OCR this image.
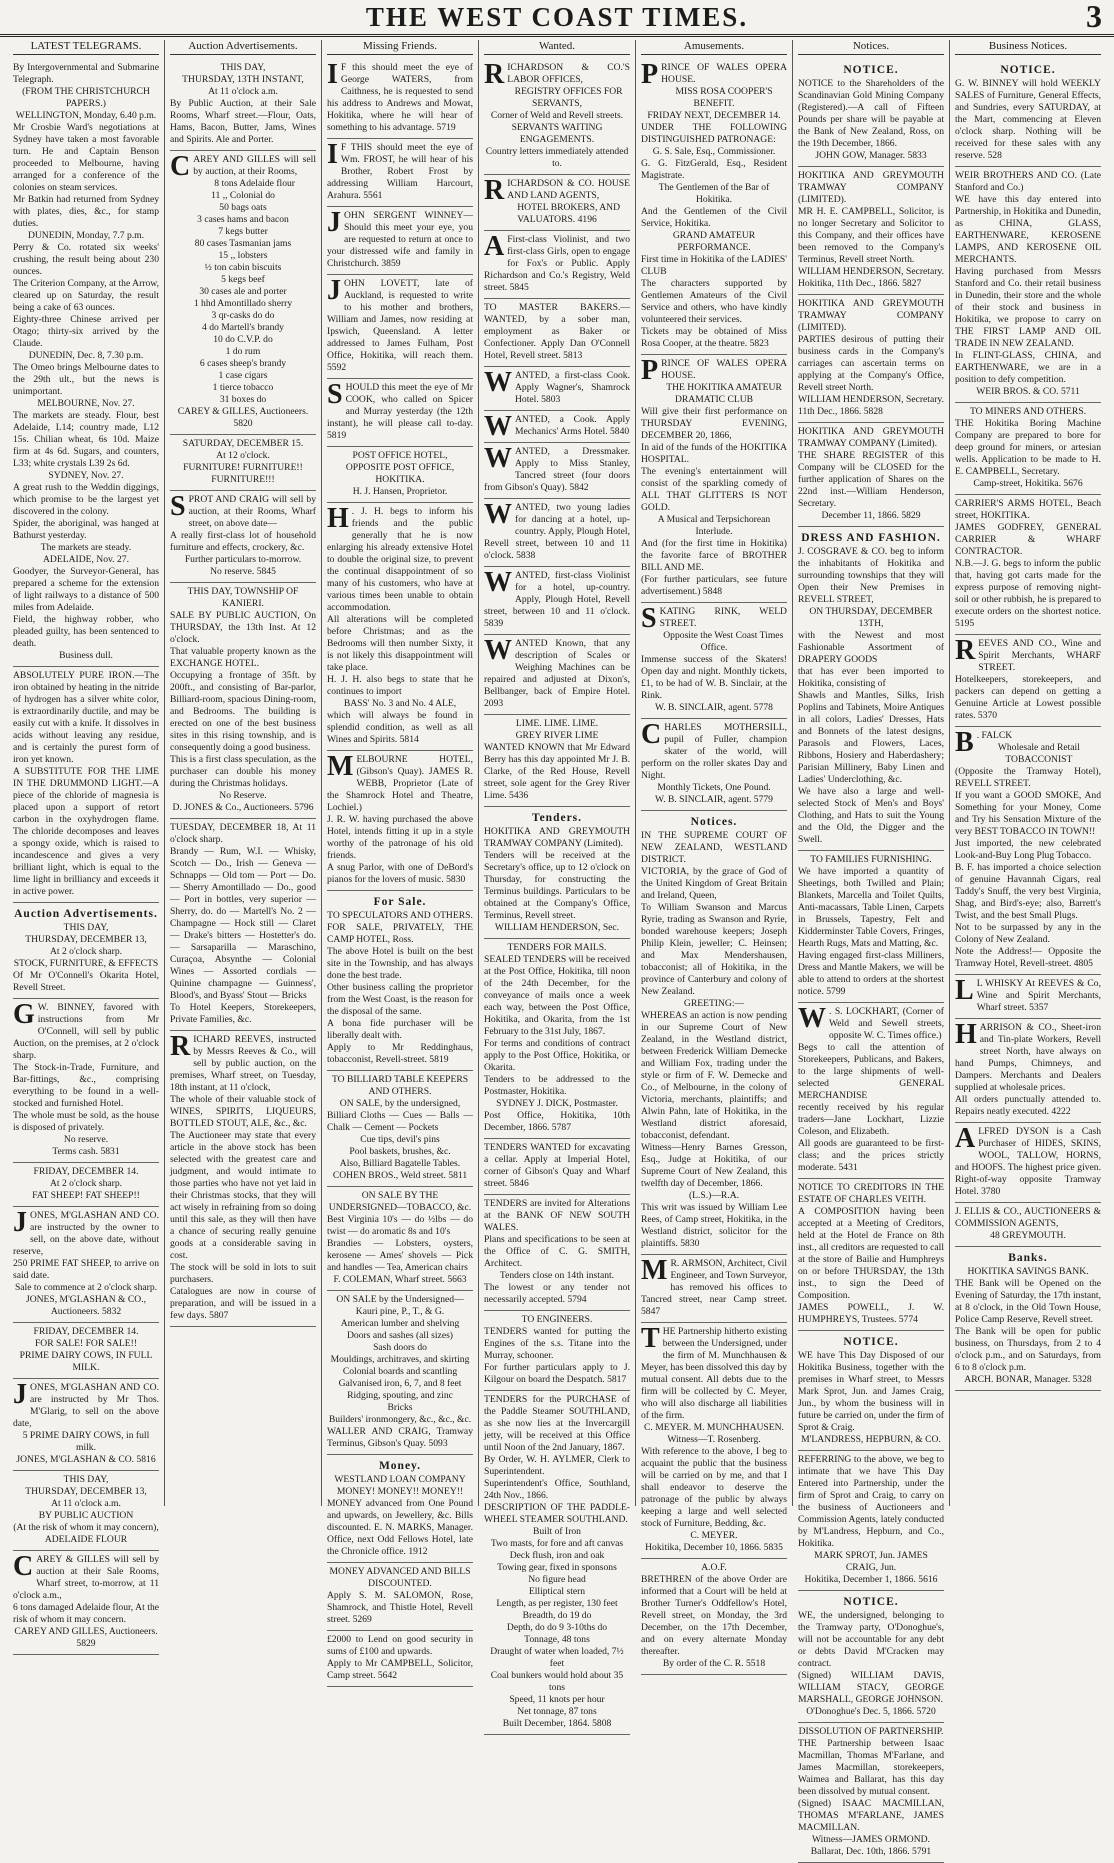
THE WEST COAST TIMES.	3
LATEST TELEGRAMS.

By Intergovernmental and Submarine Telegraph.

(FROM THE CHRISTCHURCH PAPERS.)

WELLINGTON, Monday, 6.40 p.m.

Mr Crosbie Ward's negotiations at Sydney have taken a most favorable turn. He and Captain Benson proceeded to Melbourne, having arranged for a conference of the colonies on steam services.

Mr Batkin had returned from Sydney with plates, dies, &c., for stamp duties.

DUNEDIN, Monday, 7.7 p.m.

Perry & Co. rotated six weeks' crushing, the result being about 230 ounces.

The Criterion Company, at the Arrow, cleared up on Saturday, the result being a cake of 63 ounces.

Eighty-three Chinese arrived per Otago; thirty-six arrived by the Claude.

DUNEDIN, Dec. 8, 7.30 p.m.

The Omeo brings Melbourne dates to the 29th ult., but the news is unimportant.

MELBOURNE, Nov. 27.

The markets are steady. Flour, best Adelaide, L14; country made, L12 15s. Chilian wheat, 6s 10d. Maize firm at 4s 6d. Sugars, and counters, L33; white crystals L39 2s 6d.

SYDNEY, Nov. 27.

A great rush to the Weddin diggings, which promise to be the largest yet discovered in the colony.

Spider, the aboriginal, was hanged at Bathurst yesterday.

The markets are steady.

ADELAIDE, Nov. 27.

Goodyer, the Surveyor-General, has prepared a scheme for the extension of light railways to a distance of 500 miles from Adelaide.

Field, the highway robber, who pleaded guilty, has been sentenced to death.

Business dull.

ABSOLUTELY PURE IRON.—The iron obtained by heating in the nitride of hydrogen has a silver white color, is extraordinarily ductile, and may be easily cut with a knife. It dissolves in acids without leaving any residue, and is certainly the purest form of iron yet known.

A SUBSTITUTE FOR THE LIME IN THE DRUMMOND LIGHT.—A piece of the chloride of magnesia is placed upon a support of retort carbon in the oxyhydrogen flame. The chloride decomposes and leaves a spongy oxide, which is raised to incandescence and gives a very brilliant light, which is equal to the lime light in brilliancy and exceeds it in active power.

Auction Advertisements.

THIS DAY,

THURSDAY, DECEMBER 13,

At 2 o'clock sharp.

STOCK, FURNITURE, & EFFECTS

Of Mr O'Connell's Okarita Hotel, Revell Street.

G W. BINNEY, favored with instructions from Mr O'Connell, will sell by public Auction, on the premises, at 2 o'clock sharp.

The Stock-in-Trade, Furniture, and Bar-fittings, &c., comprising everything to be found in a well-stocked and furnished Hotel.

The whole must be sold, as the house is disposed of privately.

No reserve.

Terms cash. 5831

FRIDAY, DECEMBER 14.

At 2 o'clock sharp.

FAT SHEEP! FAT SHEEP!!

JONES, M'GLASHAN AND CO. are instructed by the owner to sell, on the above date, without reserve,

250 PRIME FAT SHEEP, to arrive on said date.

Sale to commence at 2 o'clock sharp.

JONES, M'GLASHAN & CO., Auctioneers. 5832

FRIDAY, DECEMBER 14.

FOR SALE! FOR SALE!!

PRIME DAIRY COWS, IN FULL MILK.

JONES, M'GLASHAN AND CO. are instructed by Mr Thos. M'Glarig, to sell on the above date,

5 PRIME DAIRY COWS, in full milk.

JONES, M'GLASHAN & CO. 5816

THIS DAY,

THURSDAY, DECEMBER 13,

At 11 o'clock a.m.

BY PUBLIC AUCTION

(At the risk of whom it may concern),

ADELAIDE FLOUR

CAREY & GILLES will sell by auction at their Sale Rooms, Wharf street, to-morrow, at 11 o'clock a.m.,

6 tons damaged Adelaide flour, At the risk of whom it may concern.

CAREY AND GILLES, Auctioneers. 5829

Auction Advertisements.

THIS DAY,

THURSDAY, 13TH INSTANT,

At 11 o'clock a.m.

By Public Auction, at their Sale Rooms, Wharf street.—Flour, Oats, Hams, Bacon, Butter, Jams, Wines and Spirits. Ale and Porter.

CAREY AND GILLES will sell by auction, at their Rooms,

8 tons Adelaide flour

11 ,, Colonial do

50 bags oats

3 cases hams and bacon

7 kegs butter

80 cases Tasmanian jams

15 ,, lobsters

½ ton cabin biscuits

5 kegs beef

30 cases ale and porter

1 hhd Amontillado sherry

3 qr-casks do do

4 do Martell's brandy

10 do C.V.P. do

1 do rum

6 cases sheep's brandy

1 case cigars

1 tierce tobacco

31 boxes do

CAREY & GILLES, Auctioneers. 5820

SATURDAY, DECEMBER 15.

At 12 o'clock.

FURNITURE! FURNITURE!! FURNITURE!!!

SPROT AND CRAIG will sell by auction, at their Rooms, Wharf street, on above date—

A really first-class lot of household furniture and effects, crockery, &c.

Further particulars to-morrow.

No reserve. 5845

THIS DAY, TOWNSHIP OF KANIERI.

SALE BY PUBLIC AUCTION, On THURSDAY, the 13th Inst. At 12 o'clock.

That valuable property known as the EXCHANGE HOTEL.

Occupying a frontage of 35ft. by 200ft., and consisting of Bar-parlor, Billiard-room, spacious Dining-room, and Bedrooms. The building is erected on one of the best business sites in this rising township, and is consequently doing a good business.

This is a first class speculation, as the purchaser can double his money during the Christmas holidays.

No Reserve.

D. JONES & Co., Auctioneers. 5796

TUESDAY, DECEMBER 18, At 11 o'clock sharp.

Brandy — Rum, W.I. — Whisky, Scotch — Do., Irish — Geneva — Schnapps — Old tom — Port — Do. — Sherry Amontillado — Do., good — Port in bottles, very superior — Sherry, do. do — Martell's No. 2 — Champagne — Hock still — Claret — Drake's bitters — Hostetter's do. — Sarsaparilla — Maraschino, Curaçoa, Absynthe — Colonial Wines — Assorted cordials — Quinine champagne — Guinness', Blood's, and Byass' Stout — Bricks

To Hotel Keepers, Storekeepers, Private Families, &c.

RICHARD REEVES, instructed by Messrs Reeves & Co., will sell by public auction, on the premises, Wharf street, on Tuesday, 18th instant, at 11 o'clock,

The whole of their valuable stock of WINES, SPIRITS, LIQUEURS, BOTTLED STOUT, ALE, &c., &c.

The Auctioneer may state that every article in the above stock has been selected with the greatest care and judgment, and would intimate to those parties who have not yet laid in their Christmas stocks, that they will act wisely in refraining from so doing until this sale, as they will then have a chance of securing really genuine goods at a considerable saving in cost.

The stock will be sold in lots to suit purchasers.

Catalogues are now in course of preparation, and will be issued in a few days. 5807

Missing Friends.

I F this should meet the eye of George WATERS, from Caithness, he is requested to send his address to Andrews and Mowat, Hokitika, where he will hear of something to his advantage. 5719

I F THIS should meet the eye of Wm. FROST, he will hear of his Brother, Robert Frost by addressing William Harcourt, Arahura. 5561

JOHN SERGENT WINNEY—Should this meet your eye, you are requested to return at once to your distressed wife and family in Christchurch. 3859

JOHN LOVETT, late of Auckland, is requested to write to his mother and brothers, William and James, now residing at Ipswich, Queensland. A letter addressed to James Fulham, Post Office, Hokitika, will reach them. 5592

SHOULD this meet the eye of Mr COOK, who called on Spicer and Murray yesterday (the 12th instant), he will please call to-day. 5819

POST OFFICE HOTEL,

OPPOSITE POST OFFICE, HOKITIKA.

H. J. Hansen, Proprietor.

H . J. H. begs to inform his friends and the public generally that he is now enlarging his already extensive Hotel to double the original size, to prevent the continual disappointment of so many of his customers, who have at various times been unable to obtain accommodation.

All alterations will be completed before Christmas; and as the Bedrooms will then number Sixty, it is not likely this disappointment will take place.

H. J. H. also begs to state that he continues to import

BASS' No. 3 and No. 4 ALE,

which will always be found in splendid condition, as well as all Wines and Spirits. 5814

MELBOURNE HOTEL, (Gibson's Quay). JAMES R. WEBB, Proprietor (Late of the Shamrock Hotel and Theatre, Lochiel.)

J. R. W. having purchased the above Hotel, intends fitting it up in a style worthy of the patronage of his old friends.

A snug Parlor, with one of DeBord's pianos for the lovers of music. 5830

For Sale.

TO SPECULATORS AND OTHERS.

FOR SALE, PRIVATELY, THE CAMP HOTEL, Ross.

The above Hotel is built on the best site in the Township, and has always done the best trade.

Other business calling the proprietor from the West Coast, is the reason for the disposal of the same.

A bona fide purchaser will be liberally dealt with.

Apply to Mr Reddinghaus, tobacconist, Revell-street. 5819

TO BILLIARD TABLE KEEPERS AND OTHERS.

ON SALE, by the undersigned,

Billiard Cloths — Cues — Balls — Chalk — Cement — Pockets

Cue tips, devil's pins

Pool baskets, brushes, &c.

Also, Billiard Bagatelle Tables.

COHEN BROS., Weld street. 5811

ON SALE BY THE UNDERSIGNED—TOBACCO, &c.

Best Virginia 10's — do ½lbs — do twist — do aromatic 8s and 10's

Brandies — Lobsters, oysters, kerosene — Ames' shovels — Pick and handles — Tea, American chairs

F. COLEMAN, Wharf street. 5663

ON SALE by the Undersigned—

Kauri pine, P., T., & G.

American lumber and shelving

Doors and sashes (all sizes)

Sash doors do

Mouldings, architraves, and skirting

Colonial boards and scantling

Galvanised iron, 6, 7, and 8 feet

Ridging, spouting, and zinc

Bricks

Builders' ironmongery, &c., &c., &c.

WALLER AND CRAIG, Tramway Terminus, Gibson's Quay. 5093

Money.

WESTLAND LOAN COMPANY

MONEY! MONEY!! MONEY!!

MONEY advanced from One Pound and upwards, on Jewellery, &c. Bills discounted. E. N. MARKS, Manager. Office, next Odd Fellows Hotel, late the Chronicle office. 1912

MONEY ADVANCED AND BILLS DISCOUNTED.

Apply S. M. SALOMON, Rose, Shamrock, and Thistle Hotel, Revell street. 5269

£2000 to Lend on good security in sums of £100 and upwards.

Apply to Mr CAMPBELL, Solicitor, Camp street. 5642

Wanted.

RICHARDSON & CO.'S LABOR OFFICES,

REGISTRY OFFICES FOR SERVANTS,

Corner of Weld and Revell streets.

SERVANTS WAITING ENGAGEMENTS.

Country letters immediately attended to.

RICHARDSON & CO. HOUSE AND LAND AGENTS,

HOTEL BROKERS, AND VALUATORS. 4196

A First-class Violinist, and two first-class Girls, open to engage for Fox's or Public. Apply Richardson and Co.'s Registry, Weld street. 5845

TO MASTER BAKERS.—WANTED, by a sober man, employment as Baker or Confectioner. Apply Dan O'Connell Hotel, Revell street. 5813

WANTED, a first-class Cook. Apply Wagner's, Shamrock Hotel. 5803

WANTED, a Cook. Apply Mechanics' Arms Hotel. 5840

WANTED, a Dressmaker. Apply to Miss Stanley, Tancred street (four doors from Gibson's Quay). 5842

WANTED, two young ladies for dancing at a hotel, up-country. Apply, Plough Hotel, Revell street, between 10 and 11 o'clock. 5838

WANTED, first-class Violinist for a hotel, up-country. Apply, Plough Hotel, Revell street, between 10 and 11 o'clock. 5839

WANTED Known, that any description of Scales or Weighing Machines can be repaired and adjusted at Dixon's, Bellbanger, back of Empire Hotel. 2093

LIME. LIME. LIME.

GREY RIVER LIME

WANTED KNOWN that Mr Edward Berry has this day appointed Mr J. B. Clarke, of the Red House, Revell street, sole agent for the Grey River Lime. 5436

Tenders.

HOKITIKA AND GREYMOUTH TRAMWAY COMPANY (Limited).

Tenders will be received at the Secretary's office, up to 12 o'clock on Thursday, for constructing the Terminus buildings. Particulars to be obtained at the Company's Office, Terminus, Revell street.

WILLIAM HENDERSON, Sec.

TENDERS FOR MAILS.

SEALED TENDERS will be received at the Post Office, Hokitika, till noon of the 24th December, for the conveyance of mails once a week each way, between the Post Office, Hokitika, and Okarita, from the 1st February to the 31st July, 1867.

For terms and conditions of contract apply to the Post Office, Hokitika, or Okarita.

Tenders to be addressed to the Postmaster, Hokitika.

SYDNEY J. DICK, Postmaster.

Post Office, Hokitika, 10th December, 1866. 5787

TENDERS WANTED for excavating a cellar. Apply at Imperial Hotel, corner of Gibson's Quay and Wharf street. 5846

TENDERS are invited for Alterations at the BANK OF NEW SOUTH WALES.

Plans and specifications to be seen at the Office of C. G. SMITH, Architect.

Tenders close on 14th instant.

The lowest or any tender not necessarily accepted. 5794

TO ENGINEERS.

TENDERS wanted for putting the Engines of the s.s. Titane into the Murray, schooner.

For further particulars apply to J. Kilgour on board the Despatch. 5817

TENDERS for the PURCHASE of the Paddle Steamer SOUTHLAND, as she now lies at the Invercargill jetty, will be received at this Office until Noon of the 2nd January, 1867.

By Order, W. H. AYLMER, Clerk to Superintendent.

Superintendent's Office, Southland, 24th Nov., 1866.

DESCRIPTION OF THE PADDLE-WHEEL STEAMER SOUTHLAND.

Built of Iron

Two masts, for fore and aft canvas

Deck flush, iron and oak

Towing gear, fixed in sponsons

No figure head

Elliptical stern

Length, as per register, 130 feet

Breadth, do 19 do

Depth, do do 9 3-10ths do

Tonnage, 48 tons

Draught of water when loaded, 7½ feet

Coal bunkers would hold about 35 tons

Speed, 11 knots per hour

Net tonnage, 87 tons

Built December, 1864. 5808

Amusements.

PRINCE OF WALES OPERA HOUSE.

MISS ROSA COOPER'S BENEFIT.

FRIDAY NEXT, DECEMBER 14.

UNDER THE FOLLOWING DISTINGUISHED PATRONAGE:

G. S. Sale, Esq., Commissioner.

G. G. FitzGerald, Esq., Resident Magistrate.

The Gentlemen of the Bar of Hokitika.

And the Gentlemen of the Civil Service, Hokitika.

GRAND AMATEUR PERFORMANCE.

First time in Hokitika of the LADIES' CLUB

The characters supported by Gentlemen Amateurs of the Civil Service and others, who have kindly volunteered their services.

Tickets may be obtained of Miss Rosa Cooper, at the theatre. 5823

PRINCE OF WALES OPERA HOUSE.

THE HOKITIKA AMATEUR DRAMATIC CLUB

Will give their first performance on THURSDAY EVENING, DECEMBER 20, 1866,

In aid of the funds of the HOKITIKA HOSPITAL.

The evening's entertainment will consist of the sparkling comedy of ALL THAT GLITTERS IS NOT GOLD.

A Musical and Terpsichorean Interlude.

And (for the first time in Hokitika) the favorite farce of BROTHER BILL AND ME.

(For further particulars, see future advertisement.) 5848

SKATING RINK, WELD STREET.

Opposite the West Coast Times Office.

Immense success of the Skaters! Open day and night. Monthly tickets, £1, to be had of W. B. Sinclair, at the Rink.

W. B. SINCLAIR, agent. 5778

CHARLES MOTHERSILL, pupil of Fuller, champion skater of the world, will perform on the roller skates Day and Night.

Monthly Tickets, One Pound.

W. B. SINCLAIR, agent. 5779

Notices.

IN THE SUPREME COURT OF NEW ZEALAND, WESTLAND DISTRICT.

VICTORIA, by the grace of God of the United Kingdom of Great Britain and Ireland, Queen,

To William Swanson and Marcus Ryrie, trading as Swanson and Ryrie, bonded warehouse keepers; Joseph Philip Klein, jeweller; C. Heinsen; and Max Mendershausen, tobacconist; all of Hokitika, in the province of Canterbury and colony of New Zealand.

GREETING:—

WHEREAS an action is now pending in our Supreme Court of New Zealand, in the Westland district, between Frederick William Demecke and William Fox, trading under the style or firm of F. W. Demecke and Co., of Melbourne, in the colony of Victoria, merchants, plaintiffs; and Alwin Pahn, late of Hokitika, in the Westland district aforesaid, tobacconist, defendant.

Witness—Henry Barnes Gresson, Esq., Judge at Hokitika, of our Supreme Court of New Zealand, this twelfth day of December, 1866.

(L.S.)—R.A.

This writ was issued by William Lee Rees, of Camp street, Hokitika, in the Westland district, solicitor for the plaintiffs. 5830

M R. ARMSON, Architect, Civil Engineer, and Town Surveyor, has removed his offices to Tancred street, near Camp street. 5847

THE Partnership hitherto existing between the Undersigned, under the firm of M. Munchhausen & Meyer, has been dissolved this day by mutual consent. All debts due to the firm will be collected by C. Meyer, who will also discharge all liabilities of the firm.

C. MEYER. M. MUNCHHAUSEN.

Witness—T. Rosenberg.

With reference to the above, I beg to acquaint the public that the business will be carried on by me, and that I shall endeavor to deserve the patronage of the public by always keeping a large and well selected stock of Furniture, Bedding, &c.

C. MEYER.

Hokitika, December 10, 1866. 5835

A.O.F.

BRETHREN of the above Order are informed that a Court will be held at Brother Turner's Oddfellow's Hotel, Revell street, on Monday, the 3rd December, on the 17th December, and on every alternate Monday thereafter.

By order of the C. R. 5518

Notices.
NOTICE.

NOTICE to the Shareholders of the Scandinavian Gold Mining Company (Registered).—A call of Fifteen Pounds per share will be payable at the Bank of New Zealand, Ross, on the 19th December, 1866.

JOHN GOW, Manager. 5833

HOKITIKA AND GREYMOUTH TRAMWAY COMPANY (LIMITED).

MR H. E. CAMPBELL, Solicitor, is no longer Secretary and Solicitor to this Company, and their offices have been removed to the Company's Terminus, Revell street North.

WILLIAM HENDERSON, Secretary. Hokitika, 11th Dec., 1866. 5827

HOKITIKA AND GREYMOUTH TRAMWAY COMPANY (LIMITED).

PARTIES desirous of putting their business cards in the Company's carriages can ascertain terms on applying at the Company's Office, Revell street North.

WILLIAM HENDERSON, Secretary. 11th Dec., 1866. 5828

HOKITIKA AND GREYMOUTH TRAMWAY COMPANY (Limited).

THE SHARE REGISTER of this Company will be CLOSED for the further application of Shares on the 22nd inst.—William Henderson, Secretary.

December 11, 1866. 5829

DRESS AND FASHION.

J. COSGRAVE & CO. beg to inform the inhabitants of Hokitika and surrounding townships that they will Open their New Premises in REVELL STREET,

ON THURSDAY, DECEMBER 13TH,

with the Newest and most Fashionable Assortment of DRAPERY GOODS

that has ever been imported to Hokitika, consisting of

Shawls and Mantles, Silks, Irish Poplins and Tabinets, Moire Antiques in all colors, Ladies' Dresses, Hats and Bonnets of the latest designs, Parasols and Flowers, Laces, Ribbons, Hosiery and Haberdashery; Parisian Millinery, Baby Linen and Ladies' Underclothing, &c.

We have also a large and well-selected Stock of Men's and Boys' Clothing, and Hats to suit the Young and the Old, the Digger and the Swell.

TO FAMILIES FURNISHING.

We have imported a quantity of Sheetings, both Twilled and Plain; Blankets, Marcella and Toilet Quilts, Anti-macassars, Table Linen, Carpets in Brussels, Tapestry, Felt and Kidderminster Table Covers, Fringes, Hearth Rugs, Mats and Matting, &c.

Having engaged first-class Milliners, Dress and Mantle Makers, we will be able to attend to orders at the shortest notice. 5799

W . S. LOCKHART, (Corner of Weld and Sewell streets, opposite W. C. Times office.)

Begs to call the attention of Storekeepers, Publicans, and Bakers, to the large shipments of well-selected GENERAL MERCHANDISE

recently received by his regular traders—Jane Lockhart, Lizzie Coleson, and Elizabeth.

All goods are guaranteed to be first-class; and the prices strictly moderate. 5431

NOTICE TO CREDITORS IN THE ESTATE OF CHARLES VEITH.

A COMPOSITION having been accepted at a Meeting of Creditors, held at the Hotel de France on 8th inst., all creditors are requested to call at the store of Bailie and Humphreys on or before THURSDAY, the 13th inst., to sign the Deed of Composition.

JAMES POWELL, J. W. HUMPHREYS, Trustees. 5774

NOTICE.

WE have This Day Disposed of our Hokitika Business, together with the premises in Wharf street, to Messrs Mark Sprot, Jun. and James Craig, Jun., by whom the business will in future be carried on, under the firm of Sprot & Craig.

M'LANDRESS, HEPBURN, & CO.

REFERRING to the above, we beg to intimate that we have This Day Entered into Partnership, under the firm of Sprot and Craig, to carry on the business of Auctioneers and Commission Agents, lately conducted by M'Landress, Hepburn, and Co., Hokitika.

MARK SPROT, Jun. JAMES CRAIG, Jun.

Hokitika, December 1, 1866. 5616

NOTICE.

WE, the undersigned, belonging to the Tramway party, O'Donoghue's, will not be accountable for any debt or debts David M'Cracken may contract.

(Signed) WILLIAM DAVIS, WILLIAM STACY, GEORGE MARSHALL, GEORGE JOHNSON.

O'Donoghue's Dec. 5, 1866. 5720

DISSOLUTION OF PARTNERSHIP.

THE Partnership between Isaac Macmillan, Thomas M'Farlane, and James Macmillan, storekeepers, Waimea and Ballarat, has this day been dissolved by mutual consent.

(Signed) ISAAC MACMILLAN, THOMAS M'FARLANE, JAMES MACMILLAN.

Witness—JAMES ORMOND.

Ballarat, Dec. 10th, 1866. 5791

Business Notices.
NOTICE.

G. W. BINNEY will hold WEEKLY SALES of Furniture, General Effects, and Sundries, every SATURDAY, at the Mart, commencing at Eleven o'clock sharp. Nothing will be received for these sales with any reserve. 528

WEIR BROTHERS AND CO. (Late Stanford and Co.)

WE have this day entered into Partnership, in Hokitika and Dunedin, as CHINA, GLASS, EARTHENWARE, KEROSENE LAMPS, AND KEROSENE OIL MERCHANTS.

Having purchased from Messrs Stanford and Co. their retail business in Dunedin, their store and the whole of their stock and business in Hokitika, we propose to carry on THE FIRST LAMP AND OIL TRADE IN NEW ZEALAND.

In FLINT-GLASS, CHINA, and EARTHENWARE, we are in a position to defy competition.

WEIR BROS. & CO. 5711

TO MINERS AND OTHERS.

THE Hokitika Boring Machine Company are prepared to bore for deep ground for miners, or artesian wells. Application to be made to H. E. CAMPBELL, Secretary.

Camp-street, Hokitika. 5676

CARRIER'S ARMS HOTEL, Beach street, HOKITIKA.

JAMES GODFREY, GENERAL CARRIER & WHARF CONTRACTOR.

N.B.—J. G. begs to inform the public that, having got carts made for the express purpose of removing night-soil or other rubbish, he is prepared to execute orders on the shortest notice. 5195

REEVES AND CO., Wine and Spirit Merchants, WHARF STREET.

Hotelkeepers, storekeepers, and packers can depend on getting a Genuine Article at Lowest possible rates. 5370

B . FALCK

Wholesale and Retail TOBACCONIST

(Opposite the Tramway Hotel), REVELL STREET.

If you want a GOOD SMOKE, And Something for your Money, Come and Try his Sensation Mixture of the very BEST TOBACCO IN TOWN!!

Just imported, the new celebrated Look-and-Buy Long Plug Tobacco.

B. F. has imported a choice selection of genuine Havannah Cigars, real Taddy's Snuff, the very best Virginia, Shag, and Bird's-eye; also, Barrett's Twist, and the best Small Plugs.

Not to be surpassed by any in the Colony of New Zealand.

Note the Address!— Opposite the Tramway Hotel, Revell-street. 4805

L L WHISKY At REEVES & Co, Wine and Spirit Merchants, Wharf street. 5357

HARRISON & CO., Sheet-iron and Tin-plate Workers, Revell street North, have always on hand Pumps, Chimneys, and Dampers. Merchants and Dealers supplied at wholesale prices.

All orders punctually attended to. Repairs neatly executed. 4222

ALFRED DYSON is a Cash Purchaser of HIDES, SKINS, WOOL, TALLOW, HORNS, and HOOFS. The highest price given. Right-of-way opposite Tramway Hotel. 3780

J. ELLIS & CO., AUCTIONEERS & COMMISSION AGENTS,

48 GREYMOUTH.

Banks.

HOKITIKA SAVINGS BANK.

THE Bank will be Opened on the Evening of Saturday, the 17th instant, at 8 o'clock, in the Old Town House, Police Camp Reserve, Revell street.

The Bank will be open for public business, on Thursdays, from 2 to 4 o'clock p.m., and on Saturdays, from 6 to 8 o'clock p.m.

ARCH. BONAR, Manager. 5328
